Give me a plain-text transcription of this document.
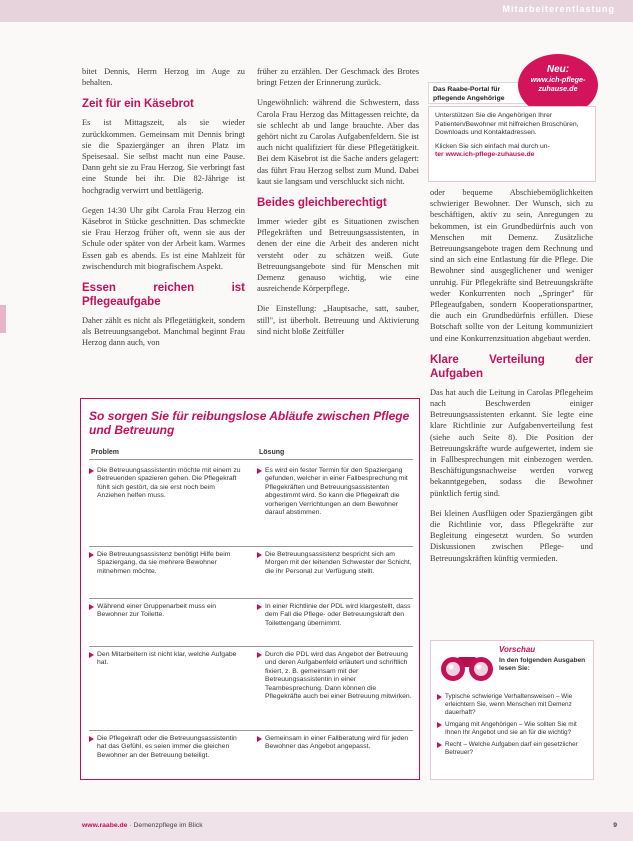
Mitarbeiterentlastung

bitet Dennis, Herrn Herzog im Auge zu behalten.

Zeit für ein Käsebrot

Es ist Mittagszeit, als sie wieder zurückkommen. Gemeinsam mit Dennis bringt sie die Spaziergänger an ihren Platz im Speisesaal. Sie selbst macht nun eine Pause. Dann geht sie zu Frau Herzog. Sie verbringt fast eine Stunde bei ihr. Die 82-Jährige ist hochgradig verwirrt und bettlägerig.

Gegen 14:30 Uhr gibt Carola Frau Herzog ein Käsebrot in Stücke geschnitten. Das schmeckte sie Frau Herzog früher oft, wenn sie aus der Schule oder später von der Arbeit kam. Warmes Essen gab es abends. Es ist eine Mahlzeit für zwischendurch mit biografischem Aspekt.

Essen reichen ist Pflegeaufgabe

Daher zählt es nicht als Pflegetätigkeit, sondern als Betreuungsangebot. Manchmal beginnt Frau Herzog dann auch, von

früher zu erzählen. Der Geschmack des Brotes bringt Fetzen der Erinnerung zurück.

Ungewöhnlich: während die Schwestern, dass Carola Frau Herzog das Mittagessen reichte, da sie schlecht ab und lange brauchte. Aber das gehört nicht zu Carolas Aufgabenfeldern. Sie ist auch nicht qualifiziert für diese Pflegetätigkeit. Bei dem Käsebrot ist die Sache anders gelagert: das führt Frau Herzog selbst zum Mund. Dabei kaut sie langsam und verschluckt sich nicht.

Beides gleichberechtigt

Immer wieder gibt es Situationen zwischen Pflegekräften und Betreuungsassistenten, in denen der eine die Arbeit des anderen nicht versteht oder zu schätzen weiß. Gute Betreuungsangebote sind für Menschen mit Demenz genauso wichtig, wie eine ausreichende Körperpflege.

Die Einstellung: „Hauptsache, satt, sauber, still", ist überholt. Betreuung und Aktivierung sind nicht bloße Zeitfüller

Das Raabe-Portal für pflegende Angehörige
Neu:
www.ich-pflege-zuhause.de
Unterstützen Sie die Angehörigen Ihrer Patienten/Bewohner mit hilfreichen Broschüren, Downloads und Kontaktadressen.
Klicken Sie sich einfach mal durch un-
ter www.ich-pflege-zuhause.de

oder bequeme Abschiebemöglichkeiten schwieriger Bewohner. Der Wunsch, sich zu beschäftigen, aktiv zu sein, Anregungen zu bekommen, ist ein Grundbedürfnis auch von Menschen mit Demenz. Zusätzliche Betreuungsangebote tragen dem Rechnung und sind an sich eine Entlastung für die Pflege. Die Bewohner sind ausgeglichener und weniger unruhig. Für Pflegekräfte sind Betreuungskräfte weder Konkurrenten noch „Springer" für Pflegeaufgaben, sondern Kooperationspartner, die auch ein Grundbedürfnis erfüllen. Diese Botschaft sollte von der Leitung kommuniziert und eine Konkurrenzsituation abgebaut werden.

Klare Verteilung der Aufgaben

Das hat auch die Leitung in Carolas Pflegeheim nach Beschwerden einiger Betreuungsassistenten erkannt. Sie legte eine klare Richtlinie zur Aufgabenverteilung fest (siehe auch Seite 8). Die Position der Betreuungskräfte wurde aufgewertet, indem sie in Fallbesprechungen mit einbezogen werden. Beschäftigungsnachweise werden vorweg bekanntgegeben, sodass die Bewohner pünktlich fertig sind.

Bei kleinen Ausflügen oder Spaziergängen gibt die Richtlinie vor, dass Pflegekräfte zur Begleitung eingesetzt wurden. So wurden Diskussionen zwischen Pflege- und Betreuungskräften künftig vermieden.

So sorgen Sie für reibungslose Abläufe zwischen Pflege und Betreuung
Problem	Lösung
Die Betreuungsassistentin möchte mit einem zu Betreuenden spazieren gehen. Die Pflegekraft fühlt sich gestört, da sie erst noch beim Anziehen helfen muss.
Es wird ein fester Termin für den Spaziergang gefunden, welcher in einer Fallbesprechung mit Pflegekräften und Betreuungsassistenten abgestimmt wird. So kann die Pflegekraft die vorherigen Verrichtungen an dem Bewohner darauf abstimmen.
Die Betreuungsassistenz benötigt Hilfe beim Spaziergang, da sie mehrere Bewohner mitnehmen möchte.
Die Betreuungsassistenz bespricht sich am Morgen mit der leitenden Schwester der Schicht, die ihr Personal zur Verfügung stellt.
Während einer Gruppenarbeit muss ein Bewohner zur Toilette.
In einer Richtlinie der PDL wird klargestellt, dass dem Fall die Pflege- oder Betreuungskraft den Toilettengang übernimmt.
Den Mitarbeitern ist nicht klar, welche Aufgabe hat.
Durch die PDL wird das Angebot der Betreuung und deren Aufgabenfeld erläutert und schriftlich fixiert, z. B. gemeinsam mit der Betreuungsassistentin in einer Teambesprechung. Dann können die Pflegekräfte auch bei einer Betreuung mitwirken.
Die Pflegekraft oder die Betreuungsassistentin hat das Gefühl, es seien immer die gleichen Bewohner an der Betreuung beteiligt.
Gemeinsam in einer Fallberatung wird für jeden Bewohner das Angebot angepasst.
Vorschau
In den folgenden Ausgaben lesen Sie:
Typische schwierige Verhaltensweisen – Wie erleichtern Sie, wenn Menschen mit Demenz dauerhaft?
Umgang mit Angehörigen – Wie sollten Sie mit Ihnen Ihr Angebot und sie an für die wichtig?
Recht – Welche Aufgaben darf ein gesetzlicher Betreuer?
www.raabe.de · Demenzpflege im Blick	9
